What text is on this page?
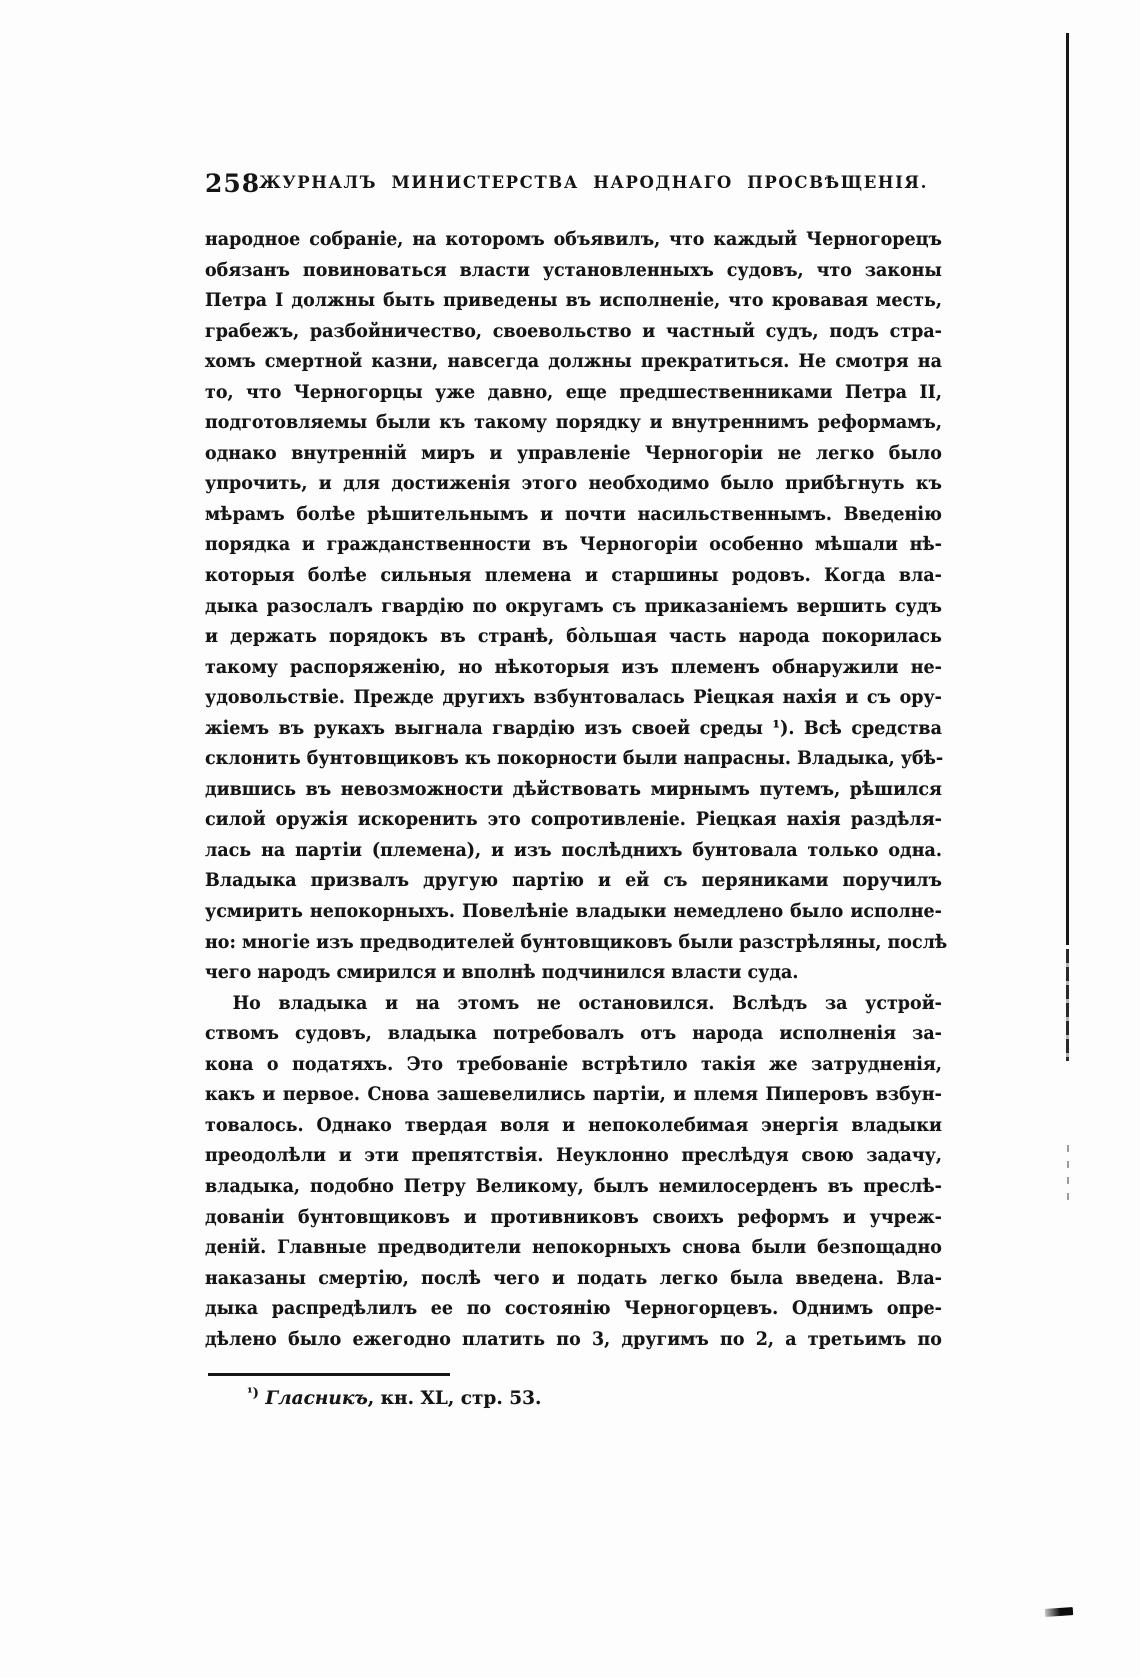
258
ЖУРНАЛЪ МИНИСТЕРСТВА НАРОДНАГО ПРОСВѢЩЕНІЯ.
народное собраніе, на которомъ объявилъ, что каждый Черногорецъ
обязанъ повиноваться власти установленныхъ судовъ, что законы
Петра I должны быть приведены въ исполненіе, что кровавая месть,
грабежъ, разбойничество, своевольство и частный судъ, подъ стра-
хомъ смертной казни, навсегда должны прекратиться. Не смотря на
то, что Черногорцы уже давно, еще предшественниками Петра II,
подготовляемы были къ такому порядку и внутреннимъ реформамъ,
однако внутренній миръ и управленіе Черногоріи не легко было
упрочить, и для достиженія этого необходимо было прибѣгнуть къ
мѣрамъ болѣе рѣшительнымъ и почти насильственнымъ. Введенію
порядка и гражданственности въ Черногоріи особенно мѣшали нѣ-
которыя болѣе сильныя племена и старшины родовъ. Когда вла-
дыка разослалъ гвардію по округамъ съ приказаніемъ вершить судъ
и держать порядокъ въ странѣ, бо̀льшая часть народа покорилась
такому распоряженію, но нѣкоторыя изъ племенъ обнаружили не-
удовольствіе. Прежде другихъ взбунтовалась Ріецкая нахія и съ ору-
жіемъ въ рукахъ выгнала гвардію изъ своей среды ¹). Всѣ средства
склонить бунтовщиковъ къ покорности были напрасны. Владыка, убѣ-
дившись въ невозможности дѣйствовать мирнымъ путемъ, рѣшился
силой оружія искоренить это сопротивленіе. Ріецкая нахія раздѣля-
лась на партіи (племена), и изъ послѣднихъ бунтовала только одна.
Владыка призвалъ другую партію и ей съ перяниками поручилъ
усмирить непокорныхъ. Повелѣніе владыки немедлено было исполне-
но: многіе изъ предводителей бунтовщиковъ были разстрѣляны, послѣ
чего народъ смирился и вполнѣ подчинился власти суда.
Но владыка и на этомъ не остановился. Вслѣдъ за устрой-
ствомъ судовъ, владыка потребовалъ отъ народа исполненія за-
кона о податяхъ. Это требованіе встрѣтило такія же затрудненія,
какъ и первое. Снова зашевелились партіи, и племя Пиперовъ взбун-
товалось. Однако твердая воля и непоколебимая энергія владыки
преодолѣли и эти препятствія. Неуклонно преслѣдуя свою задачу,
владыка, подобно Петру Великому, былъ немилосерденъ въ преслѣ-
дованіи бунтовщиковъ и противниковъ своихъ реформъ и учреж-
деній. Главные предводители непокорныхъ снова были безпощадно
наказаны смертію, послѣ чего и подать легко была введена. Вла-
дыка распредѣлилъ ее по состоянію Черногорцевъ. Однимъ опре-
дѣлено было ежегодно платить по 3, другимъ по 2, а третьимъ по
$^{^1)}$ Гласникъ, кн. XL, стр. 53.
